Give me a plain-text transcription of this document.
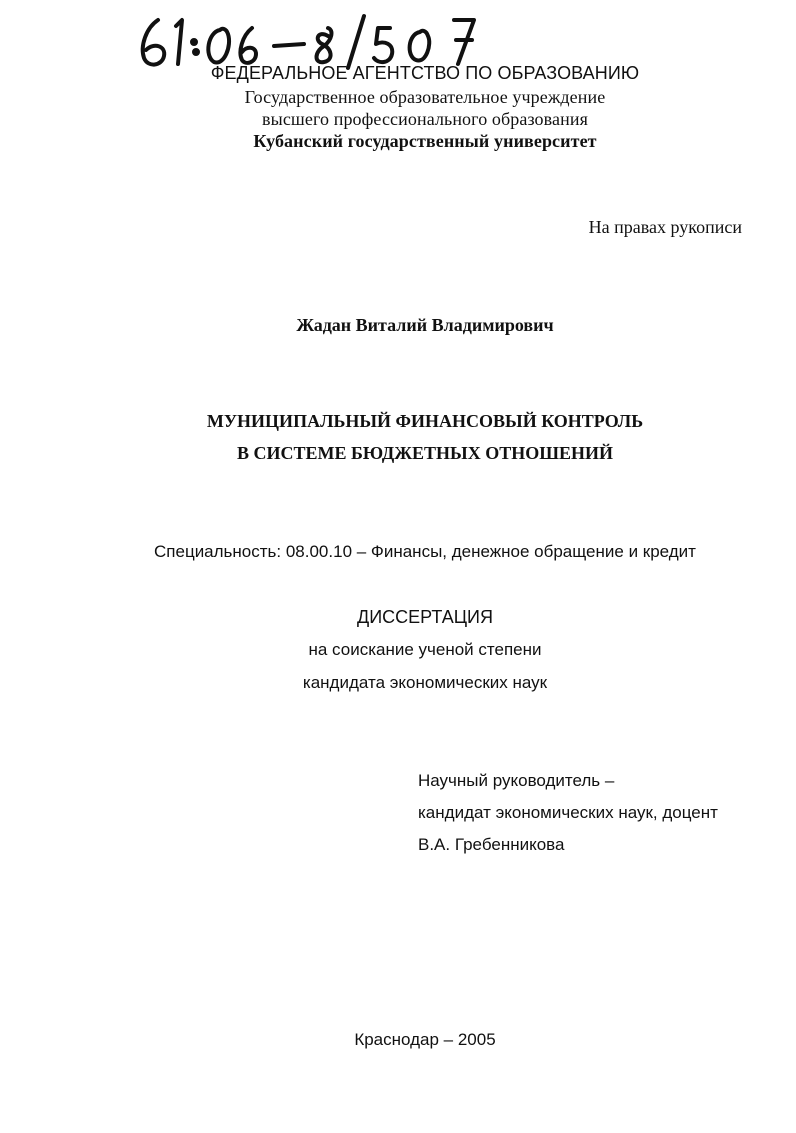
ФЕДЕРАЛЬНОЕ АГЕНТСТВО ПО ОБРАЗОВАНИЮ
Государственное образовательное учреждение
высшего профессионального образования
Кубанский государственный университет
На правах рукописи
Жадан Виталий Владимирович
МУНИЦИПАЛЬНЫЙ ФИНАНСОВЫЙ КОНТРОЛЬ
В СИСТЕМЕ БЮДЖЕТНЫХ ОТНОШЕНИЙ
Специальность: 08.00.10 – Финансы, денежное обращение и кредит
ДИССЕРТАЦИЯ
на соискание ученой степени
кандидата экономических наук
Научный руководитель –
кандидат экономических наук, доцент
В.А. Гребенникова
Краснодар – 2005
